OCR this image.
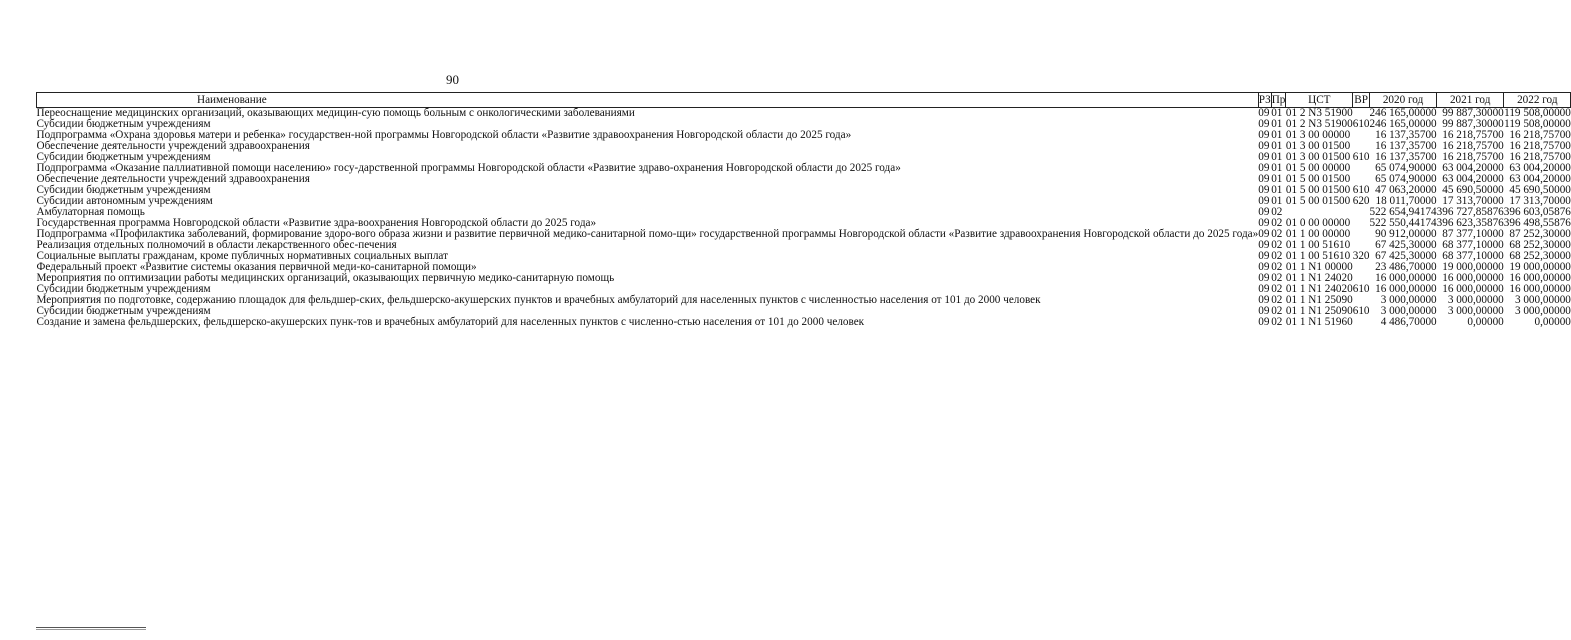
90
Наименование	РЗ	Пр	ЦСТ	ВР	2020 год	2021 год	2022 год
Переоснащение медицинских организаций, оказывающих медицин-сую помощь больным с онкологическими заболеваниями	09	01	01 2 N3 51900		246 165,00000	99 887,30000	119 508,00000
Субсидии бюджетным учреждениям	09	01	01 2 N3 51900	610	246 165,00000	99 887,30000	119 508,00000
Подпрограмма «Охрана здоровья матери и ребенка» государствен-ной программы Новгородской области «Развитие здравоохранения Новгородской области до 2025 года»	09	01	01 3 00 00000		16 137,35700	16 218,75700	16 218,75700
Обеспечение деятельности учреждений здравоохранения	09	01	01 3 00 01500		16 137,35700	16 218,75700	16 218,75700
Субсидии бюджетным учреждениям	09	01	01 3 00 01500	610	16 137,35700	16 218,75700	16 218,75700
Подпрограмма «Оказание паллиативной помощи населению» госу-дарственной программы Новгородской области «Развитие здраво-охранения Новгородской области до 2025 года»	09	01	01 5 00 00000		65 074,90000	63 004,20000	63 004,20000
Обеспечение деятельности учреждений здравоохранения	09	01	01 5 00 01500		65 074,90000	63 004,20000	63 004,20000
Субсидии бюджетным учреждениям	09	01	01 5 00 01500	610	47 063,20000	45 690,50000	45 690,50000
Субсидии автономным учреждениям	09	01	01 5 00 01500	620	18 011,70000	17 313,70000	17 313,70000
Амбулаторная помощь	09	02			522 654,94174	396 727,85876	396 603,05876
Государственная программа Новгородской области «Развитие здра-воохранения Новгородской области до 2025 года»	09	02	01 0 00 00000		522 550,44174	396 623,35876	396 498,55876
Подпрограмма «Профилактика заболеваний, формирование здоро-вого образа жизни и развитие первичной медико-санитарной помо-щи» государственной программы Новгородской области «Развитие здравоохранения Новгородской области до 2025 года»	09	02	01 1 00 00000		90 912,00000	87 377,10000	87 252,30000
Реализация отдельных полномочий в области лекарственного обес-печения	09	02	01 1 00 51610		67 425,30000	68 377,10000	68 252,30000
Социальные выплаты гражданам, кроме публичных нормативных социальных выплат	09	02	01 1 00 51610	320	67 425,30000	68 377,10000	68 252,30000
Федеральный проект «Развитие системы оказания первичной меди-ко-санитарной помощи»	09	02	01 1 N1 00000		23 486,70000	19 000,00000	19 000,00000
Мероприятия по оптимизации работы медицинских организаций, оказывающих первичную медико-санитарную помощь	09	02	01 1 N1 24020		16 000,00000	16 000,00000	16 000,00000
Субсидии бюджетным учреждениям	09	02	01 1 N1 24020	610	16 000,00000	16 000,00000	16 000,00000
Мероприятия по подготовке, содержанию площадок для фельдшер-ских, фельдшерско-акушерских пунктов и врачебных амбулаторий для населенных пунктов с численностью населения от 101 до 2000 человек	09	02	01 1 N1 25090		3 000,00000	3 000,00000	3 000,00000
Субсидии бюджетным учреждениям	09	02	01 1 N1 25090	610	3 000,00000	3 000,00000	3 000,00000
Создание и замена фельдшерских, фельдшерско-акушерских пунк-тов и врачебных амбулаторий для населенных пунктов с численно-стью населения от 101 до 2000 человек	09	02	01 1 N1 51960		4 486,70000	0,00000	0,00000
